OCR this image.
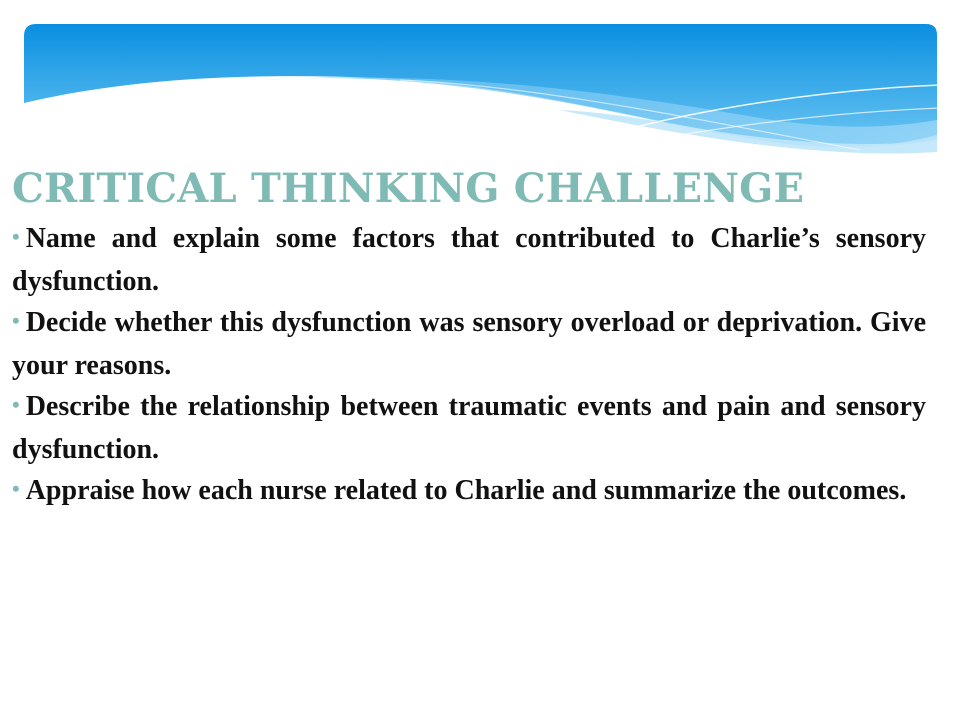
CRITICAL THINKING CHALLENGE
• Name and explain some factors that contributed to Charlie’s sensory dysfunction.
• Decide whether this dysfunction was sensory overload or deprivation. Give your reasons.
• Describe the relationship between traumatic events and pain and sensory dysfunction.
• Appraise how each nurse related to Charlie and summarize the outcomes.
